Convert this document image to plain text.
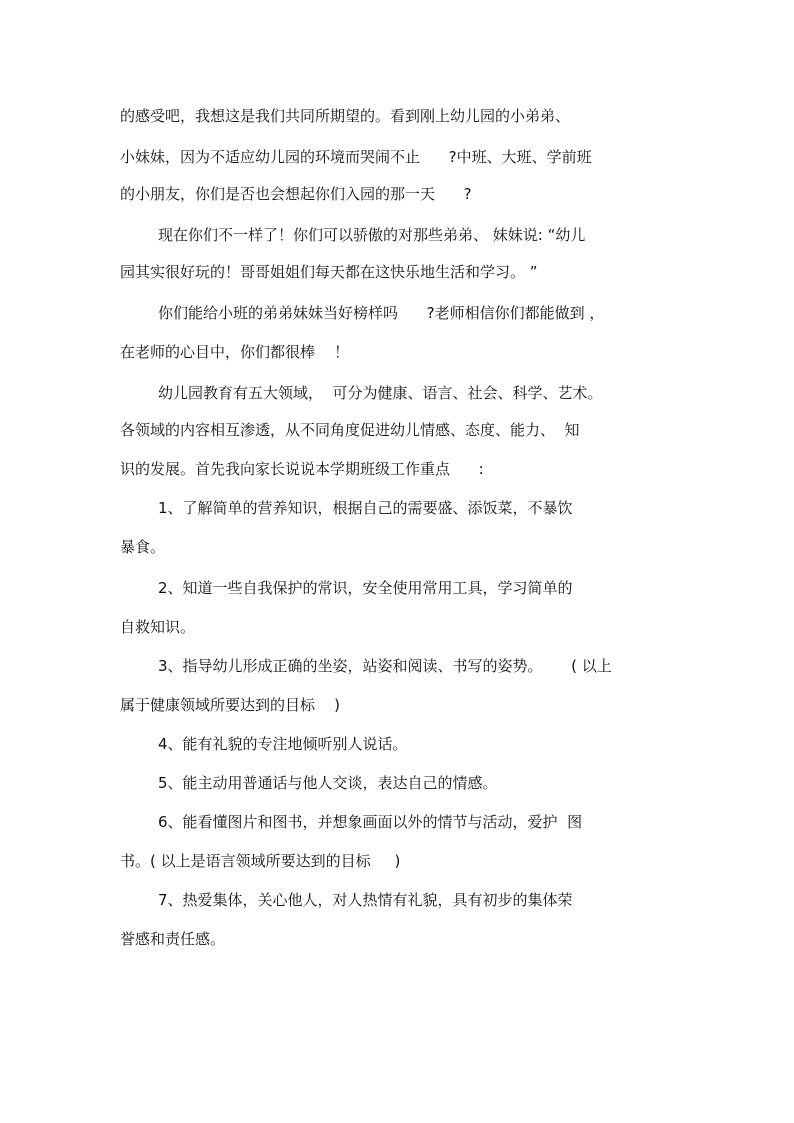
的感受吧，我想这是我们共同所期望的。看到刚上幼儿园的小弟弟、
小妹妹，因为不适应幼儿园的环境而哭闹不止      ?中班、大班、学前班
的小朋友，你们是否也会想起你们入园的那一天      ?
现在你们不一样了！你们可以骄傲的对那些弟弟、 妹妹说: “幼儿
园其实很好玩的！哥哥姐姐们每天都在这快乐地生活和学习。 ”
你们能给小班的弟弟妹妹当好榜样吗      ?老师相信你们都能做到 ，
在老师的心目中，你们都很棒    ！
幼儿园教育有五大领域，  可分为健康、语言、社会、科学、艺术。
各领域的内容相互渗透，从不同角度促进幼儿情感、态度、能力、  知
识的发展。首先我向家长说说本学期班级工作重点      :
1、了解简单的营养知识，根据自己的需要盛、添饭菜，不暴饮
暴食。
2、知道一些自我保护的常识，安全使用常用工具，学习简单的
自救知识。
3、指导幼儿形成正确的坐姿，站姿和阅读、书写的姿势。      ( 以上
属于健康领域所要达到的目标    )
4、能有礼貌的专注地倾听别人说话。
5、能主动用普通话与他人交谈，表达自己的情感。
6、能看懂图片和图书，并想象画面以外的情节与活动，爱护  图
书。( 以上是语言领域所要达到的目标     )
7、热爱集体，关心他人，对人热情有礼貌，具有初步的集体荣
誉感和责任感。
